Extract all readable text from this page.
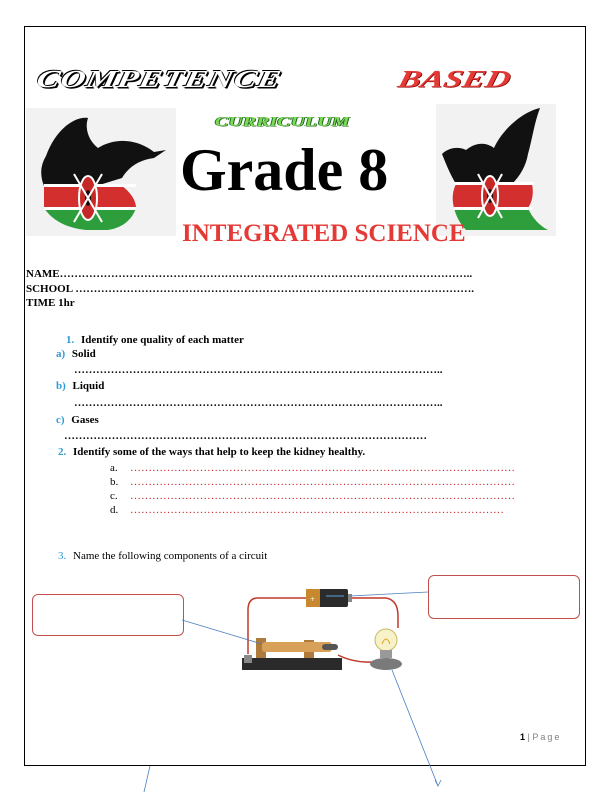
COMPETENCE	BASED
CURRICULUM
Grade 8
INTEGRATED SCIENCE
NAME…………………………………………………………………………………………………..
SCHOOL ……………………………………………………………………………………………….
TIME 1hr
1. Identify one quality of each matter
a) Solid
………………………………………………………………………………………..
b) Liquid
………………………………………………………………………………………..
c) Gases
………………………………………………………………………………………
2. Identify some of the ways that help to keep the kidney healthy.
a. ……………………………………………………………………………………………
b. ……………………………………………………………………………………………
c. ……………………………………………………………………………………………
d. …………………………………………………………………………………………
3. Name the following components of a circuit
+
1 | Page
